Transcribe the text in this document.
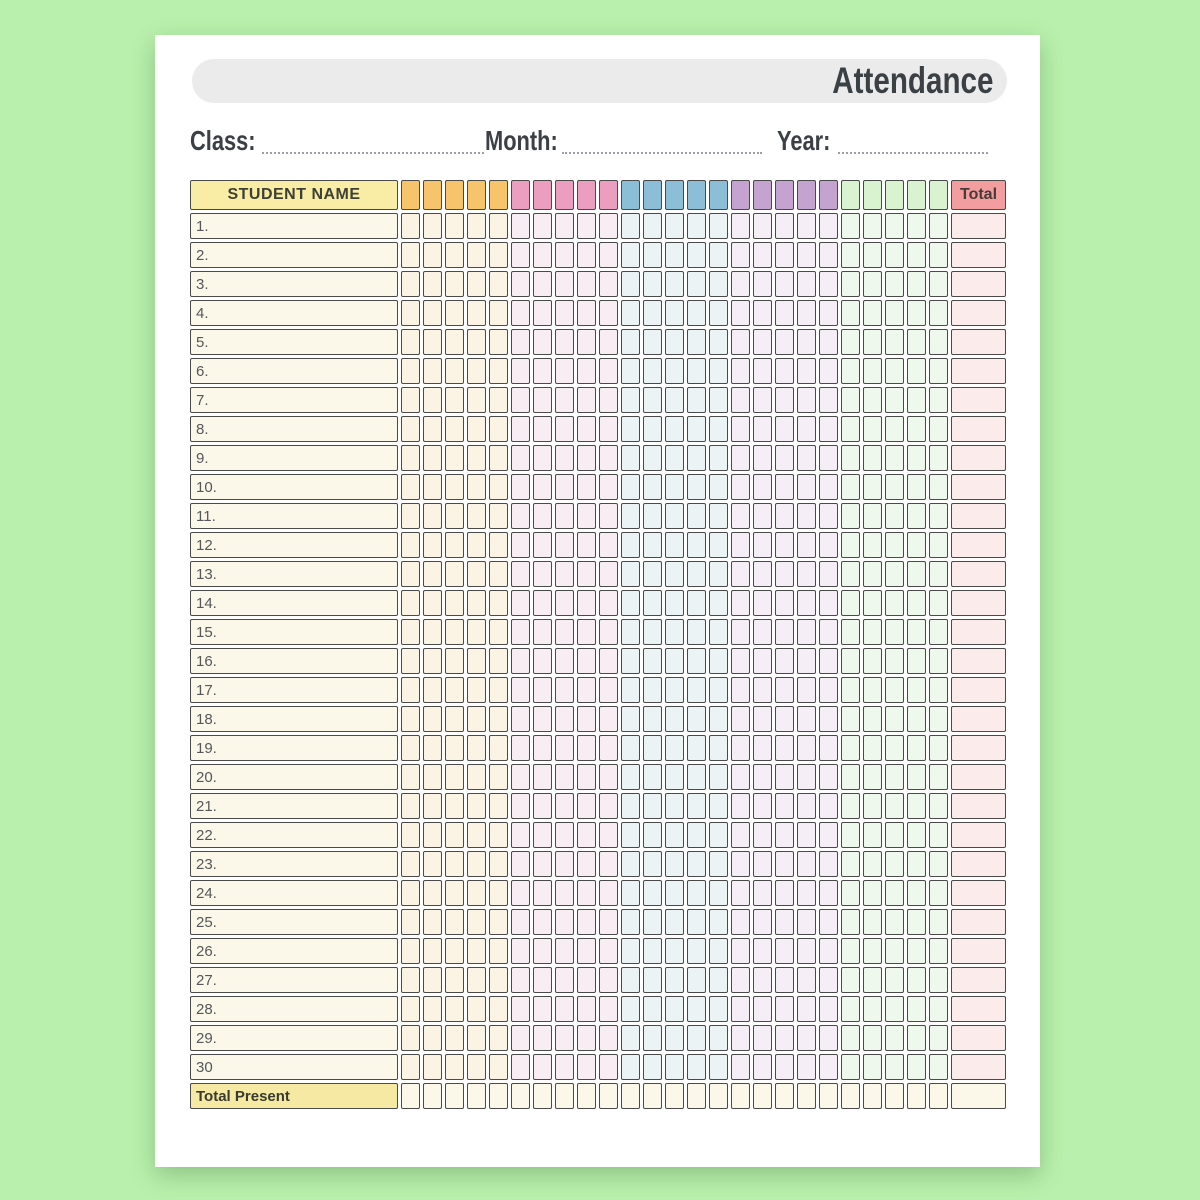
Attendance
Class:	Month:	Year:
STUDENT NAME	Total
1.
2.
3.
4.
5.
6.
7.
8.
9.
10.
11.
12.
13.
14.
15.
16.
17.
18.
19.
20.
21.
22.
23.
24.
25.
26.
27.
28.
29.
30
Total Present
